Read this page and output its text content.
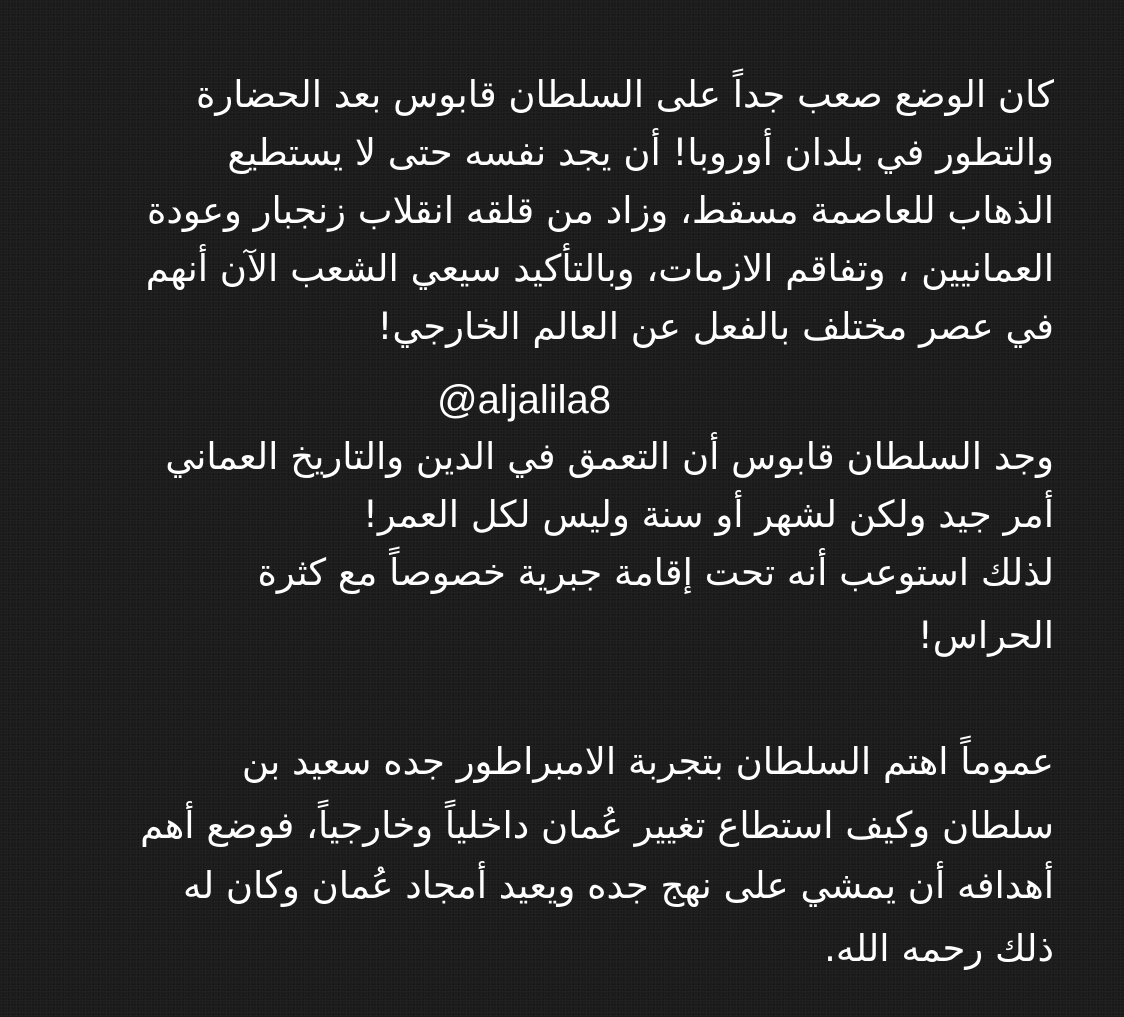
كان الوضع صعب جداً على السلطان قابوس بعد الحضارة

والتطور في بلدان أوروبا! أن يجد نفسه حتى لا يستطيع

الذهاب للعاصمة مسقط، وزاد من قلقه انقلاب زنجبار وعودة

العمانيين ، وتفاقم الازمات، وبالتأكيد سيعي الشعب الآن أنهم

في عصر مختلف بالفعل عن العالم الخارجي!

@aljalila8

وجد السلطان قابوس أن التعمق في الدين والتاريخ العماني

أمر جيد ولكن لشهر أو سنة وليس لكل العمر!

لذلك استوعب أنه تحت إقامة جبرية خصوصاً مع كثرة

الحراس!

عموماً اهتم السلطان بتجربة الامبراطور جده سعيد بن

سلطان وكيف استطاع تغيير عُمان داخلياً وخارجياً، فوضع أهم

أهدافه أن يمشي على نهج جده ويعيد أمجاد عُمان وكان له

ذلك رحمه الله.
